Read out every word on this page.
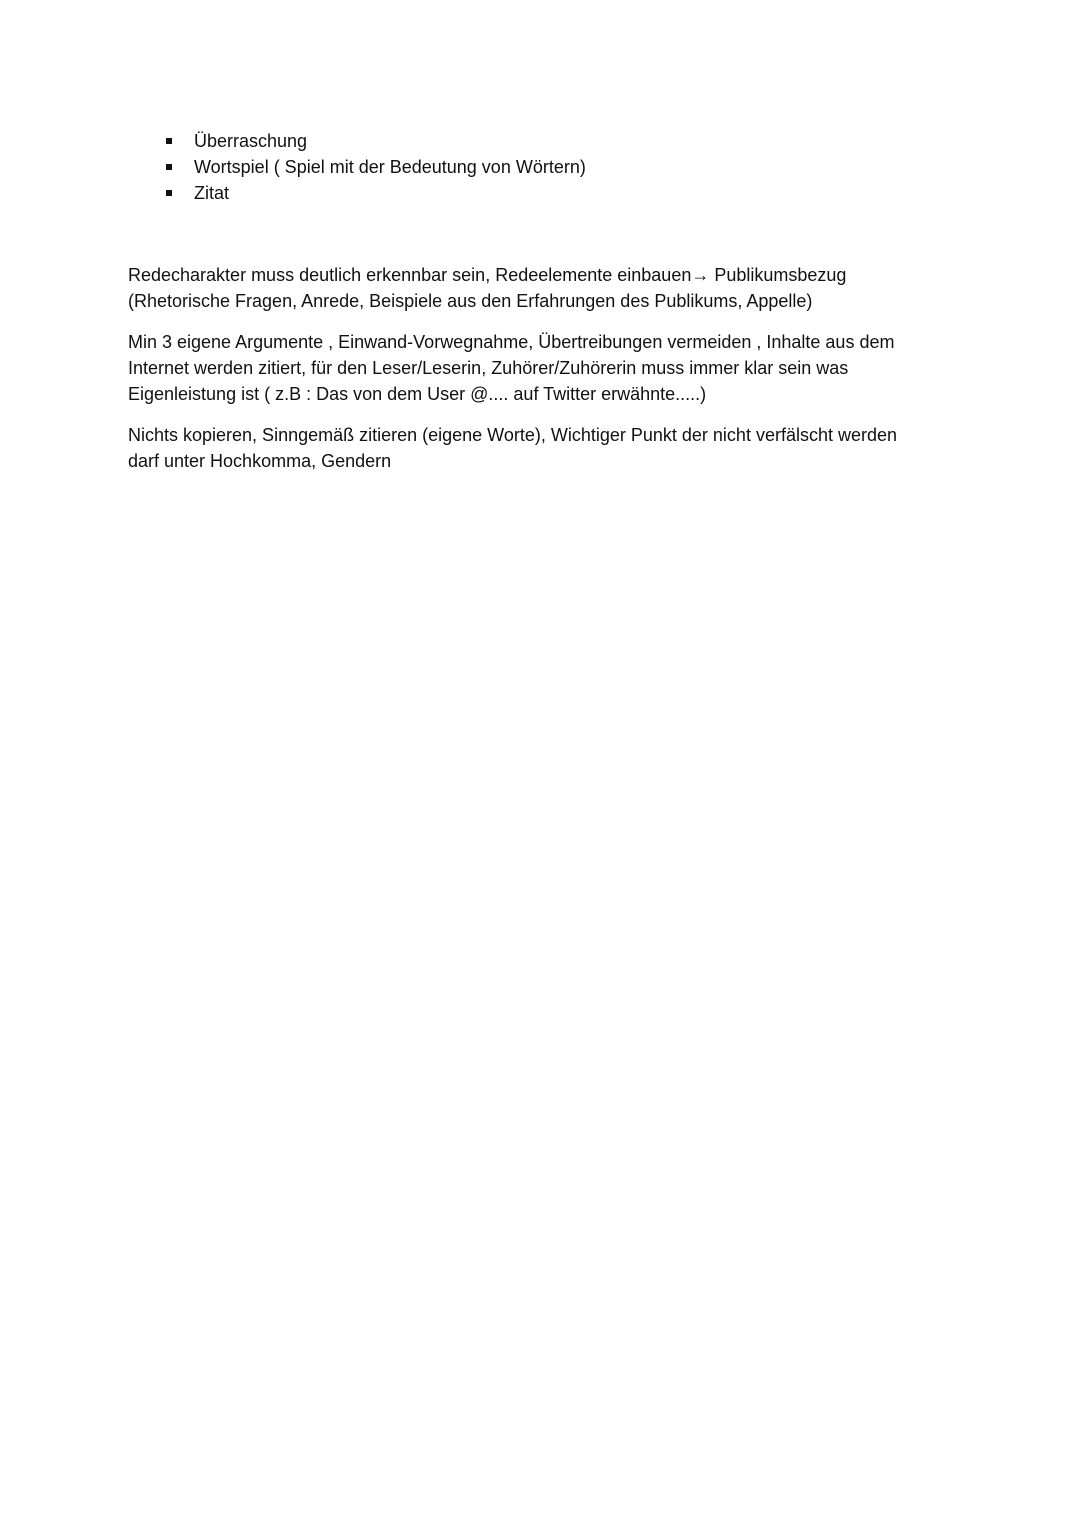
Überraschung
Wortspiel ( Spiel mit der Bedeutung von Wörtern)
Zitat

Redecharakter muss deutlich erkennbar sein, Redeelemente einbauen→ Publikumsbezug
(Rhetorische Fragen, Anrede, Beispiele aus den Erfahrungen des Publikums, Appelle)

Min 3 eigene Argumente , Einwand-Vorwegnahme, Übertreibungen vermeiden , Inhalte aus dem
Internet werden zitiert, für den Leser/Leserin, Zuhörer/Zuhörerin muss immer klar sein was
Eigenleistung ist ( z.B : Das von dem User @.... auf Twitter erwähnte.....)

Nichts kopieren, Sinngemäß zitieren (eigene Worte), Wichtiger Punkt der nicht verfälscht werden
darf unter Hochkomma, Gendern
